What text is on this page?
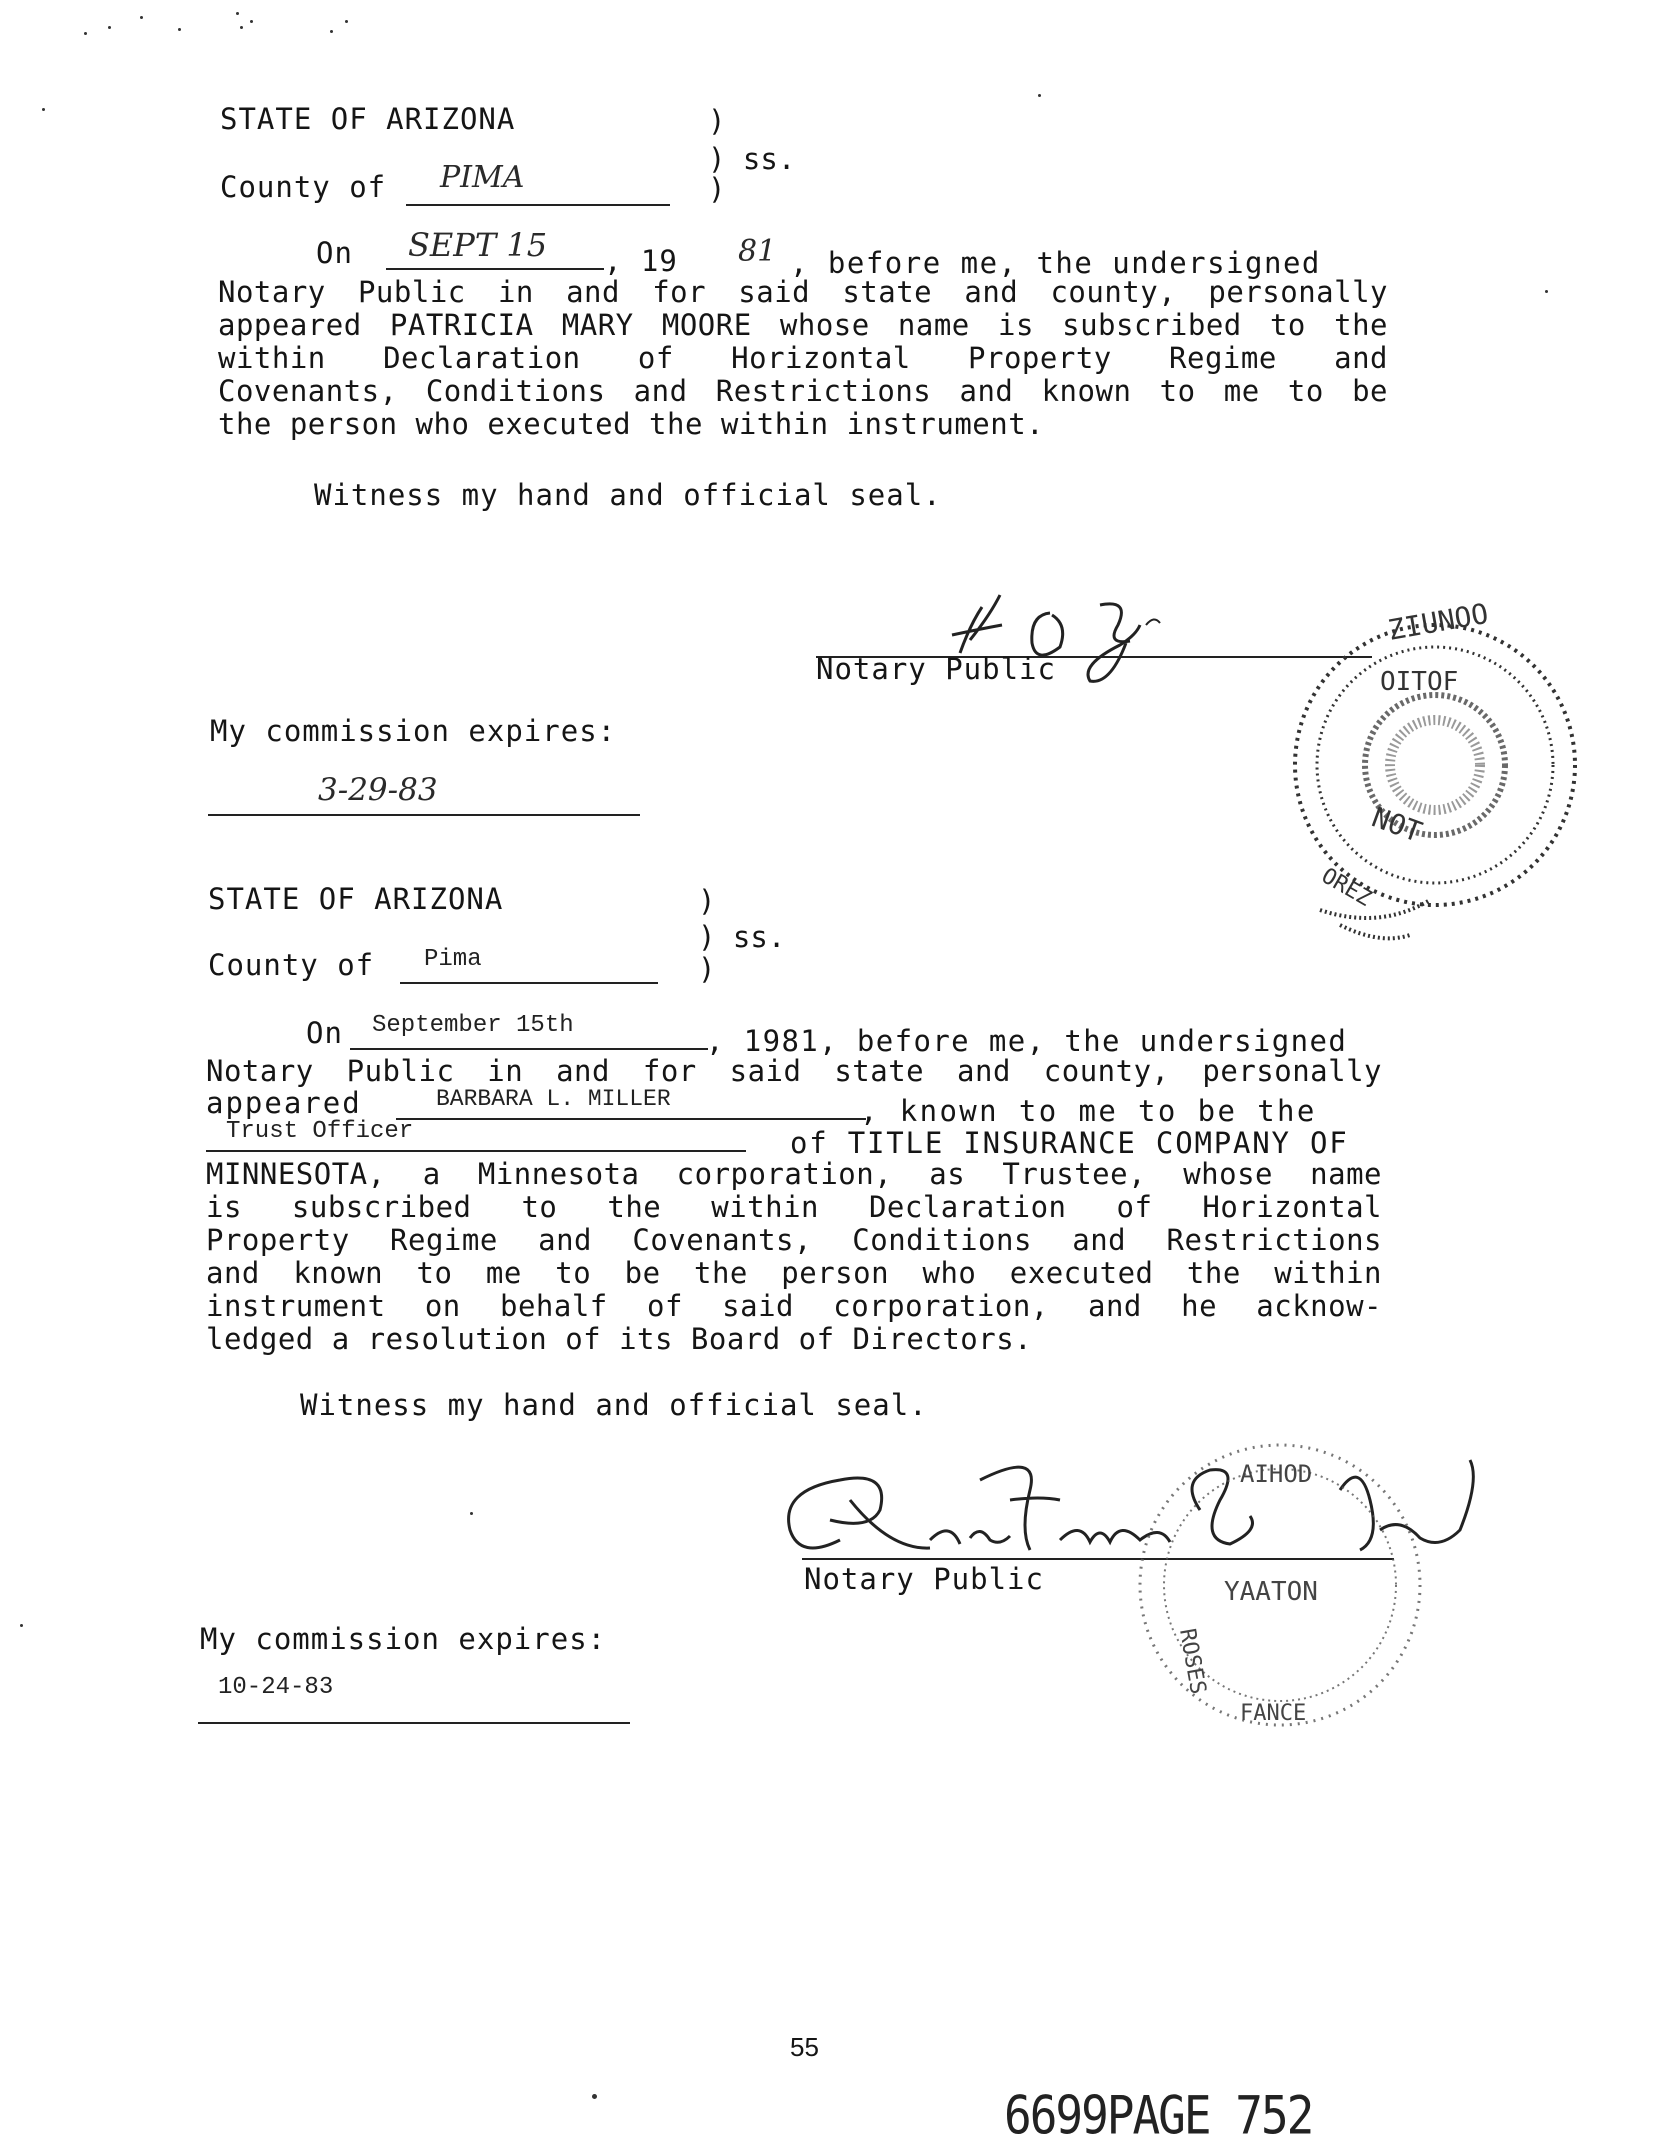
STATE OF ARIZONA	)
) ss.
)
County of PIMA
On SEPT 15 , 19 81 , before me, the undersigned
Notary Public in and for said state and county, personally
appeared PATRICIA MARY MOORE whose name is subscribed to the
within Declaration of Horizontal Property Regime and
Covenants, Conditions and Restrictions and known to me to be
the person who executed the within instrument.
Witness my hand and official seal.
Notary Public
ZIUNOO
OITOF
NOT
OREZ
My commission expires:
3-29-83
STATE OF ARIZONA	)
) ss.
)
County of Pima
On September 15th	, 1981, before me, the undersigned
Notary Public in and for said state and county, personally
appeared	BARBARA L. MILLER	, known to me to be the
Trust Officer	of TITLE INSURANCE COMPANY OF
MINNESOTA, a Minnesota corporation, as Trustee, whose name
is subscribed to the within Declaration of Horizontal
Property Regime and Covenants, Conditions and Restrictions
and known to me to be the person who executed the within
instrument on behalf of said corporation, and he acknow-
ledged a resolution of its Board of Directors.
Witness my hand and official seal.
Notary Public
AIHOD
ROSES
YAATON
FANCE
My commission expires:
10-24-83
55
6699PAGE 752
